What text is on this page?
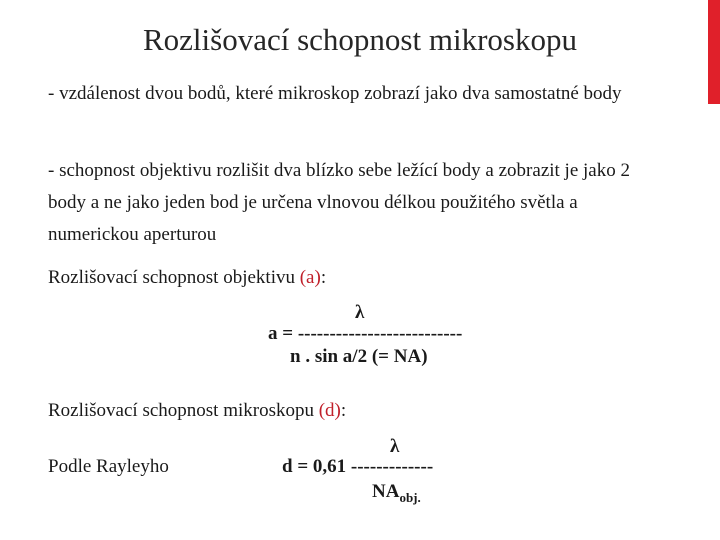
Rozlišovací schopnost mikroskopu
- vzdálenost dvou bodů, které mikroskop zobrazí jako dva samostatné body
- schopnost objektivu rozlišit dva blízko sebe ležící body a zobrazit je jako 2 body a ne jako jeden bod je určena vlnovou délkou použitého světla a numerickou aperturou
Rozlišovací schopnost objektivu (a):
λ
a = --------------------------
n . sin a/2 (= NA)
Rozlišovací schopnost mikroskopu (d):
Podle Rayleyho
λ
d = 0,61 -------------
$NA_{obj.}$
